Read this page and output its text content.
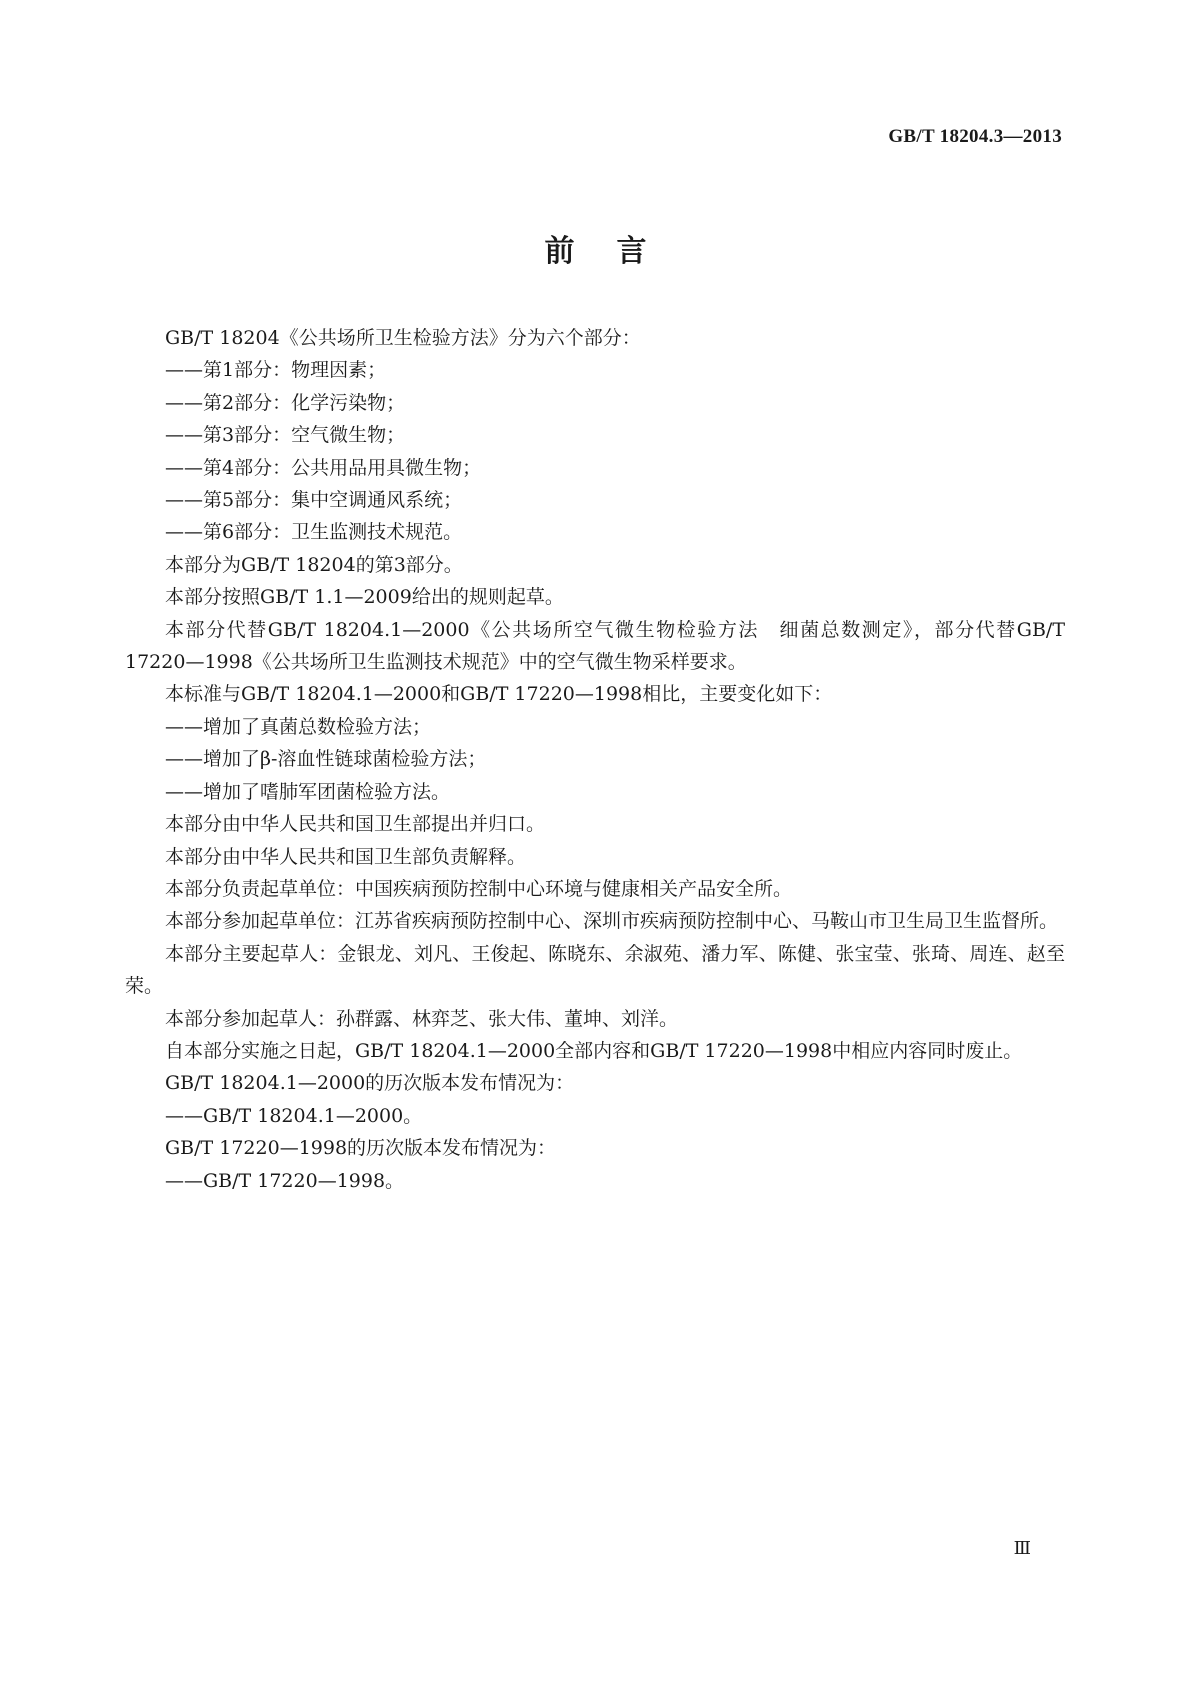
GB/T 18204.3—2013
前言

GB/T 18204《公共场所卫生检验方法》分为六个部分：

——第1部分：物理因素；

——第2部分：化学污染物；

——第3部分：空气微生物；

——第4部分：公共用品用具微生物；

——第5部分：集中空调通风系统；

——第6部分：卫生监测技术规范。

本部分为GB/T 18204的第3部分。

本部分按照GB/T 1.1—2009给出的规则起草。

本部分代替GB/T 18204.1—2000《公共场所空气微生物检验方法　细菌总数测定》，部分代替GB/T 17220—1998《公共场所卫生监测技术规范》中的空气微生物采样要求。

本标准与GB/T 18204.1—2000和GB/T 17220—1998相比，主要变化如下：

——增加了真菌总数检验方法；

——增加了β-溶血性链球菌检验方法；

——增加了嗜肺军团菌检验方法。

本部分由中华人民共和国卫生部提出并归口。

本部分由中华人民共和国卫生部负责解释。

本部分负责起草单位：中国疾病预防控制中心环境与健康相关产品安全所。

本部分参加起草单位：江苏省疾病预防控制中心、深圳市疾病预防控制中心、马鞍山市卫生局卫生监督所。

本部分主要起草人：金银龙、刘凡、王俊起、陈晓东、余淑苑、潘力军、陈健、张宝莹、张琦、周连、赵至荣。

本部分参加起草人：孙群露、林弈芝、张大伟、董坤、刘洋。

自本部分实施之日起，GB/T 18204.1—2000全部内容和GB/T 17220—1998中相应内容同时废止。

GB/T 18204.1—2000的历次版本发布情况为：

——GB/T 18204.1—2000。

GB/T 17220—1998的历次版本发布情况为：

——GB/T 17220—1998。

Ⅲ
